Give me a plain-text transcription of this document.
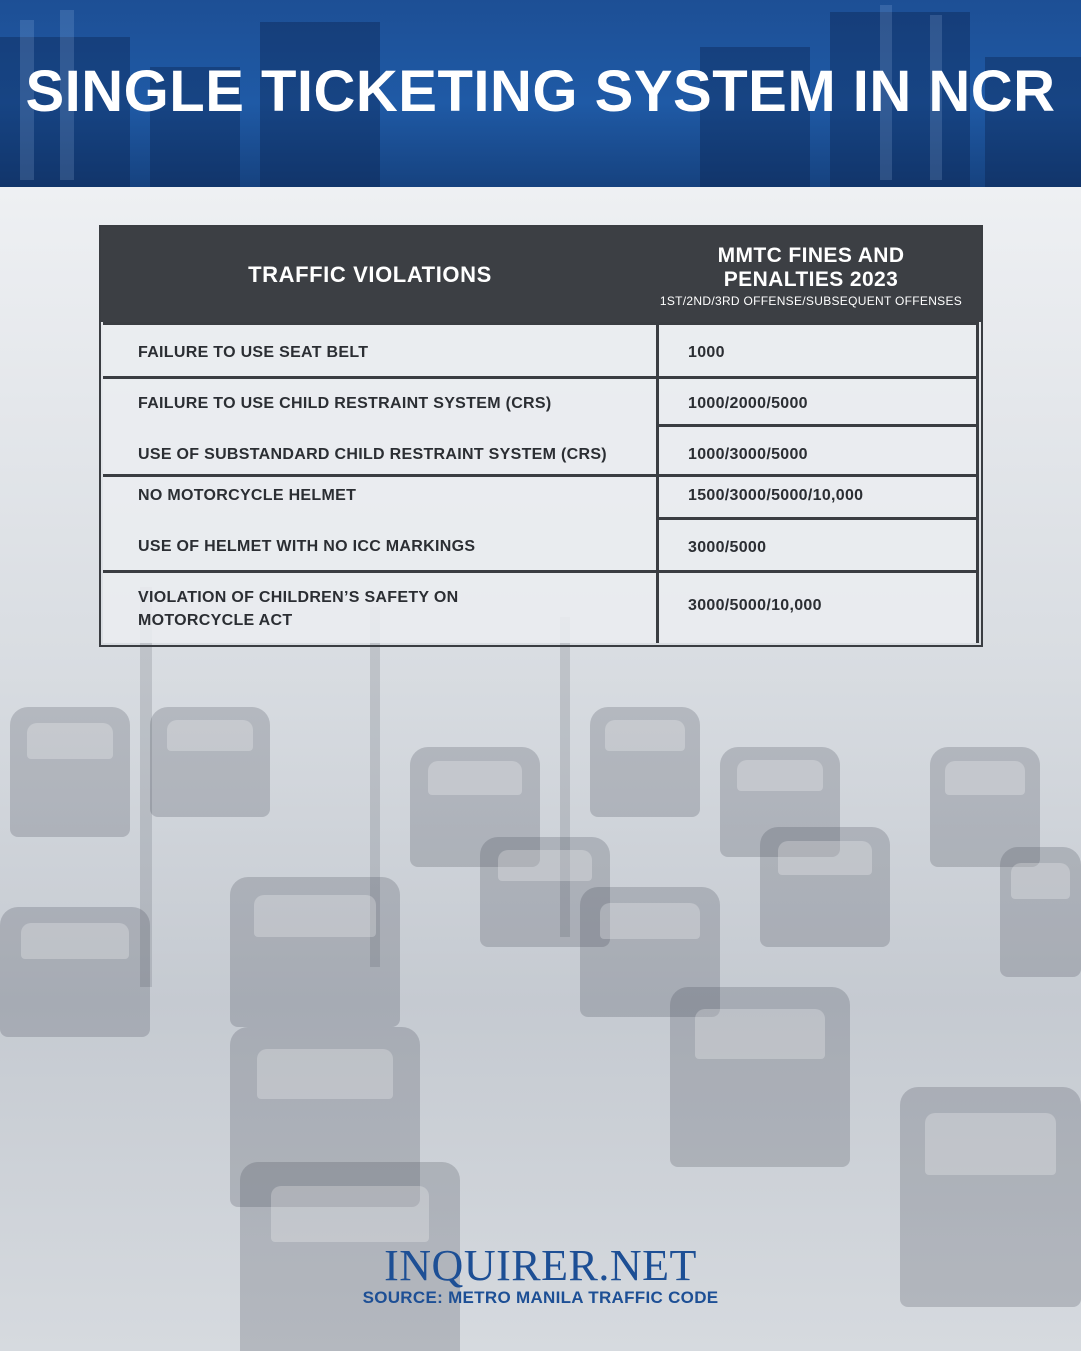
SINGLE TICKETING SYSTEM IN NCR
TRAFFIC VIOLATIONS
MMTC FINES AND
PENALTIES 2023
1ST/2ND/3RD OFFENSE/SUBSEQUENT OFFENSES
FAILURE TO USE SEAT BELT	1000
FAILURE TO USE CHILD RESTRAINT SYSTEM (CRS)	1000/2000/5000
USE OF SUBSTANDARD CHILD RESTRAINT SYSTEM (CRS)	1000/3000/5000
NO MOTORCYCLE HELMET	1500/3000/5000/10,000
USE OF HELMET WITH NO ICC MARKINGS	3000/5000
VIOLATION OF CHILDREN’S SAFETY ON
MOTORCYCLE ACT
3000/5000/10,000
INQUIRER.NET
SOURCE: METRO MANILA TRAFFIC CODE
